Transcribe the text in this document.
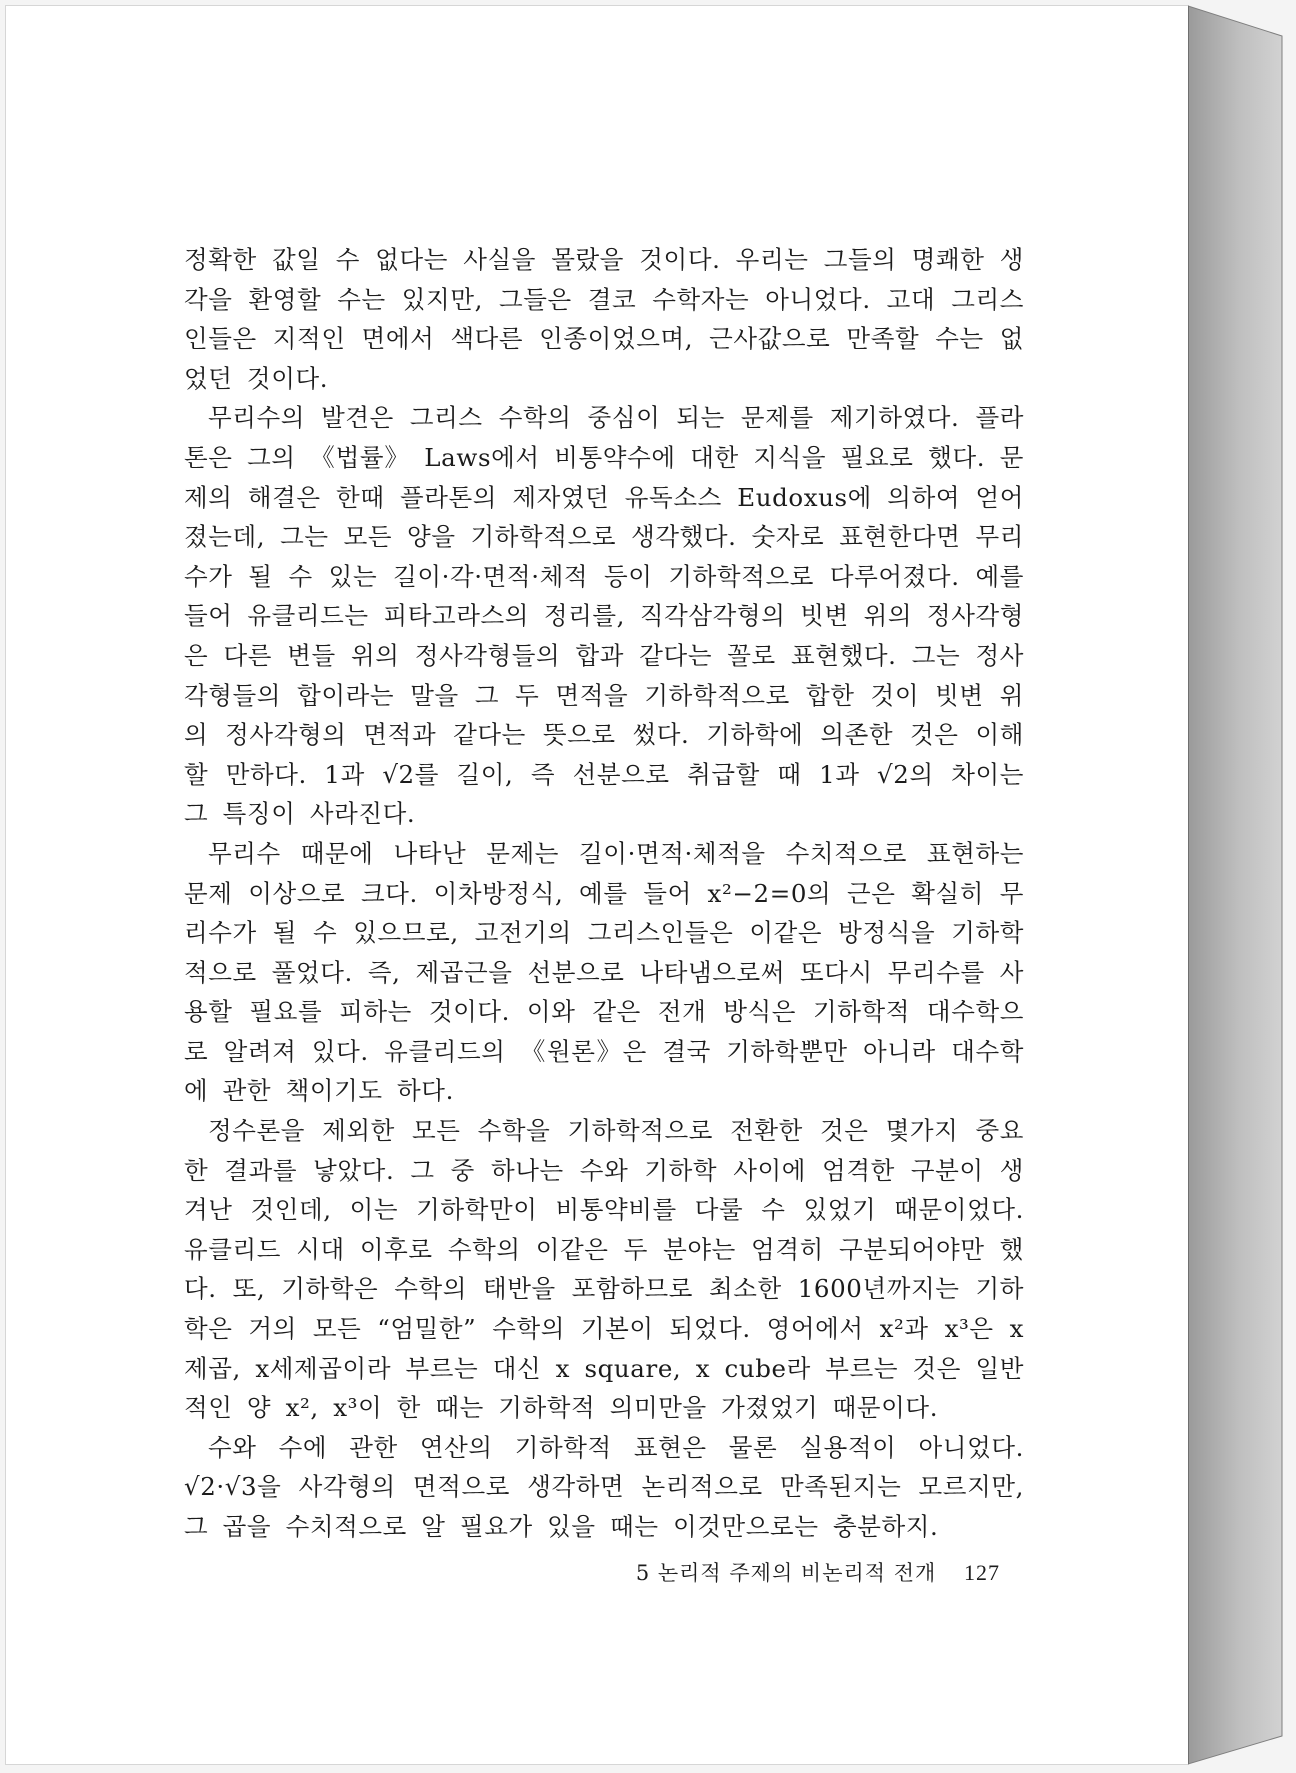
정확한 값일 수 없다는 사실을 몰랐을 것이다. 우리는 그들의 명쾌한 생각을 환영할 수는 있지만, 그들은 결코 수학자는 아니었다. 고대 그리스인들은 지적인 면에서 색다른 인종이었으며, 근사값으로 만족할 수는 없었던 것이다.

무리수의 발견은 그리스 수학의 중심이 되는 문제를 제기하였다. 플라톤은 그의 《법률》 Laws에서 비통약수에 대한 지식을 필요로 했다. 문제의 해결은 한때 플라톤의 제자였던 유독소스 Eudoxus에 의하여 얻어졌는데, 그는 모든 양을 기하학적으로 생각했다. 숫자로 표현한다면 무리수가 될 수 있는 길이·각·면적·체적 등이 기하학적으로 다루어졌다. 예를 들어 유클리드는 피타고라스의 정리를, 직각삼각형의 빗변 위의 정사각형은 다른 변들 위의 정사각형들의 합과 같다는 꼴로 표현했다. 그는 정사각형들의 합이라는 말을 그 두 면적을 기하학적으로 합한 것이 빗변 위의 정사각형의 면적과 같다는 뜻으로 썼다. 기하학에 의존한 것은 이해할 만하다. 1과 √2를 길이, 즉 선분으로 취급할 때 1과 √2의 차이는 그 특징이 사라진다.

무리수 때문에 나타난 문제는 길이·면적·체적을 수치적으로 표현하는 문제 이상으로 크다. 이차방정식, 예를 들어 x²−2=0의 근은 확실히 무리수가 될 수 있으므로, 고전기의 그리스인들은 이같은 방정식을 기하학적으로 풀었다. 즉, 제곱근을 선분으로 나타냄으로써 또다시 무리수를 사용할 필요를 피하는 것이다. 이와 같은 전개 방식은 기하학적 대수학으로 알려져 있다. 유클리드의 《원론》은 결국 기하학뿐만 아니라 대수학에 관한 책이기도 하다.

정수론을 제외한 모든 수학을 기하학적으로 전환한 것은 몇가지 중요한 결과를 낳았다. 그 중 하나는 수와 기하학 사이에 엄격한 구분이 생겨난 것인데, 이는 기하학만이 비통약비를 다룰 수 있었기 때문이었다. 유클리드 시대 이후로 수학의 이같은 두 분야는 엄격히 구분되어야만 했다. 또, 기하학은 수학의 태반을 포함하므로 최소한 1600년까지는 기하학은 거의 모든 “엄밀한” 수학의 기본이 되었다. 영어에서 x²과 x³은 x제곱, x세제곱이라 부르는 대신 x square, x cube라 부르는 것은 일반적인 양 x², x³이 한 때는 기하학적 의미만을 가졌었기 때문이다.

수와 수에 관한 연산의 기하학적 표현은 물론 실용적이 아니었다. √2·√3을 사각형의 면적으로 생각하면 논리적으로 만족된지는 모르지만, 그 곱을 수치적으로 알 필요가 있을 때는 이것만으로는 충분하지.

5 논리적 주제의 비논리적 전개 127
